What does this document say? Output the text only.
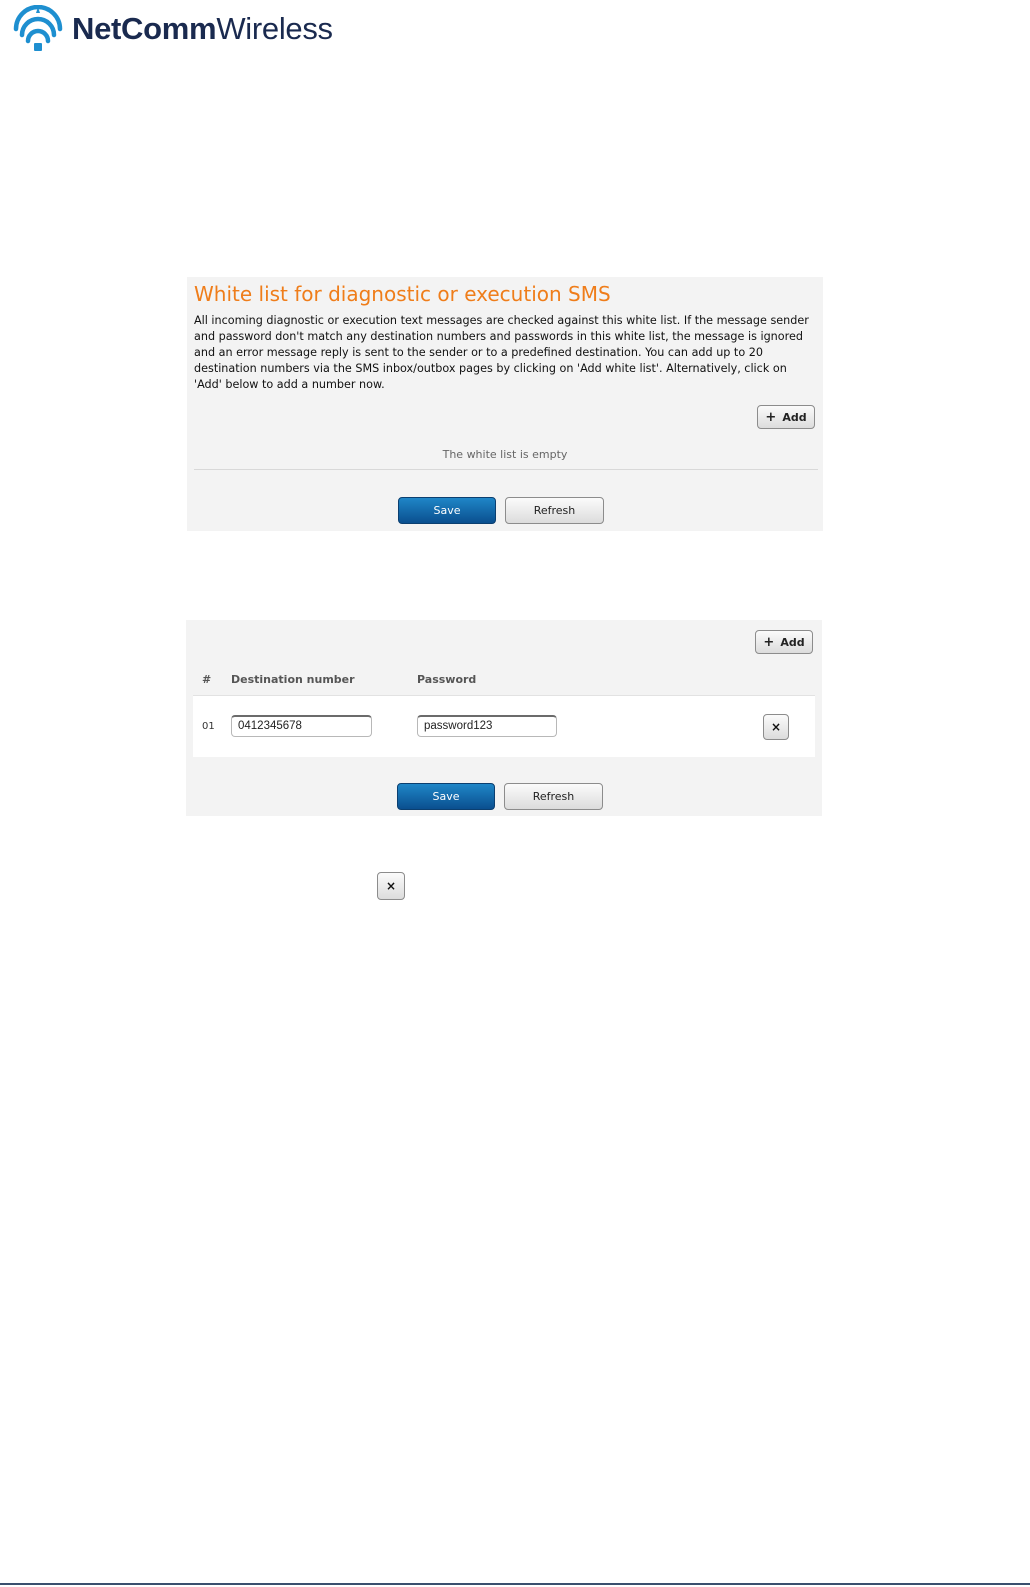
NetCommWireless
White list for diagnostic or execution SMS
All incoming diagnostic or execution text messages are checked against this white list. If the message sender and password don't match any destination numbers and passwords in this white list, the message is ignored and an error message reply is sent to the sender or to a predefined destination. You can add up to 20 destination numbers via the SMS inbox/outbox pages by clicking on 'Add white list'. Alternatively, click on 'Add' below to add a number now.
+ Add
The white list is empty
Save	Refresh
+ Add
# Destination number	Password
01	0412345678	password123	×
Save	Refresh
×
